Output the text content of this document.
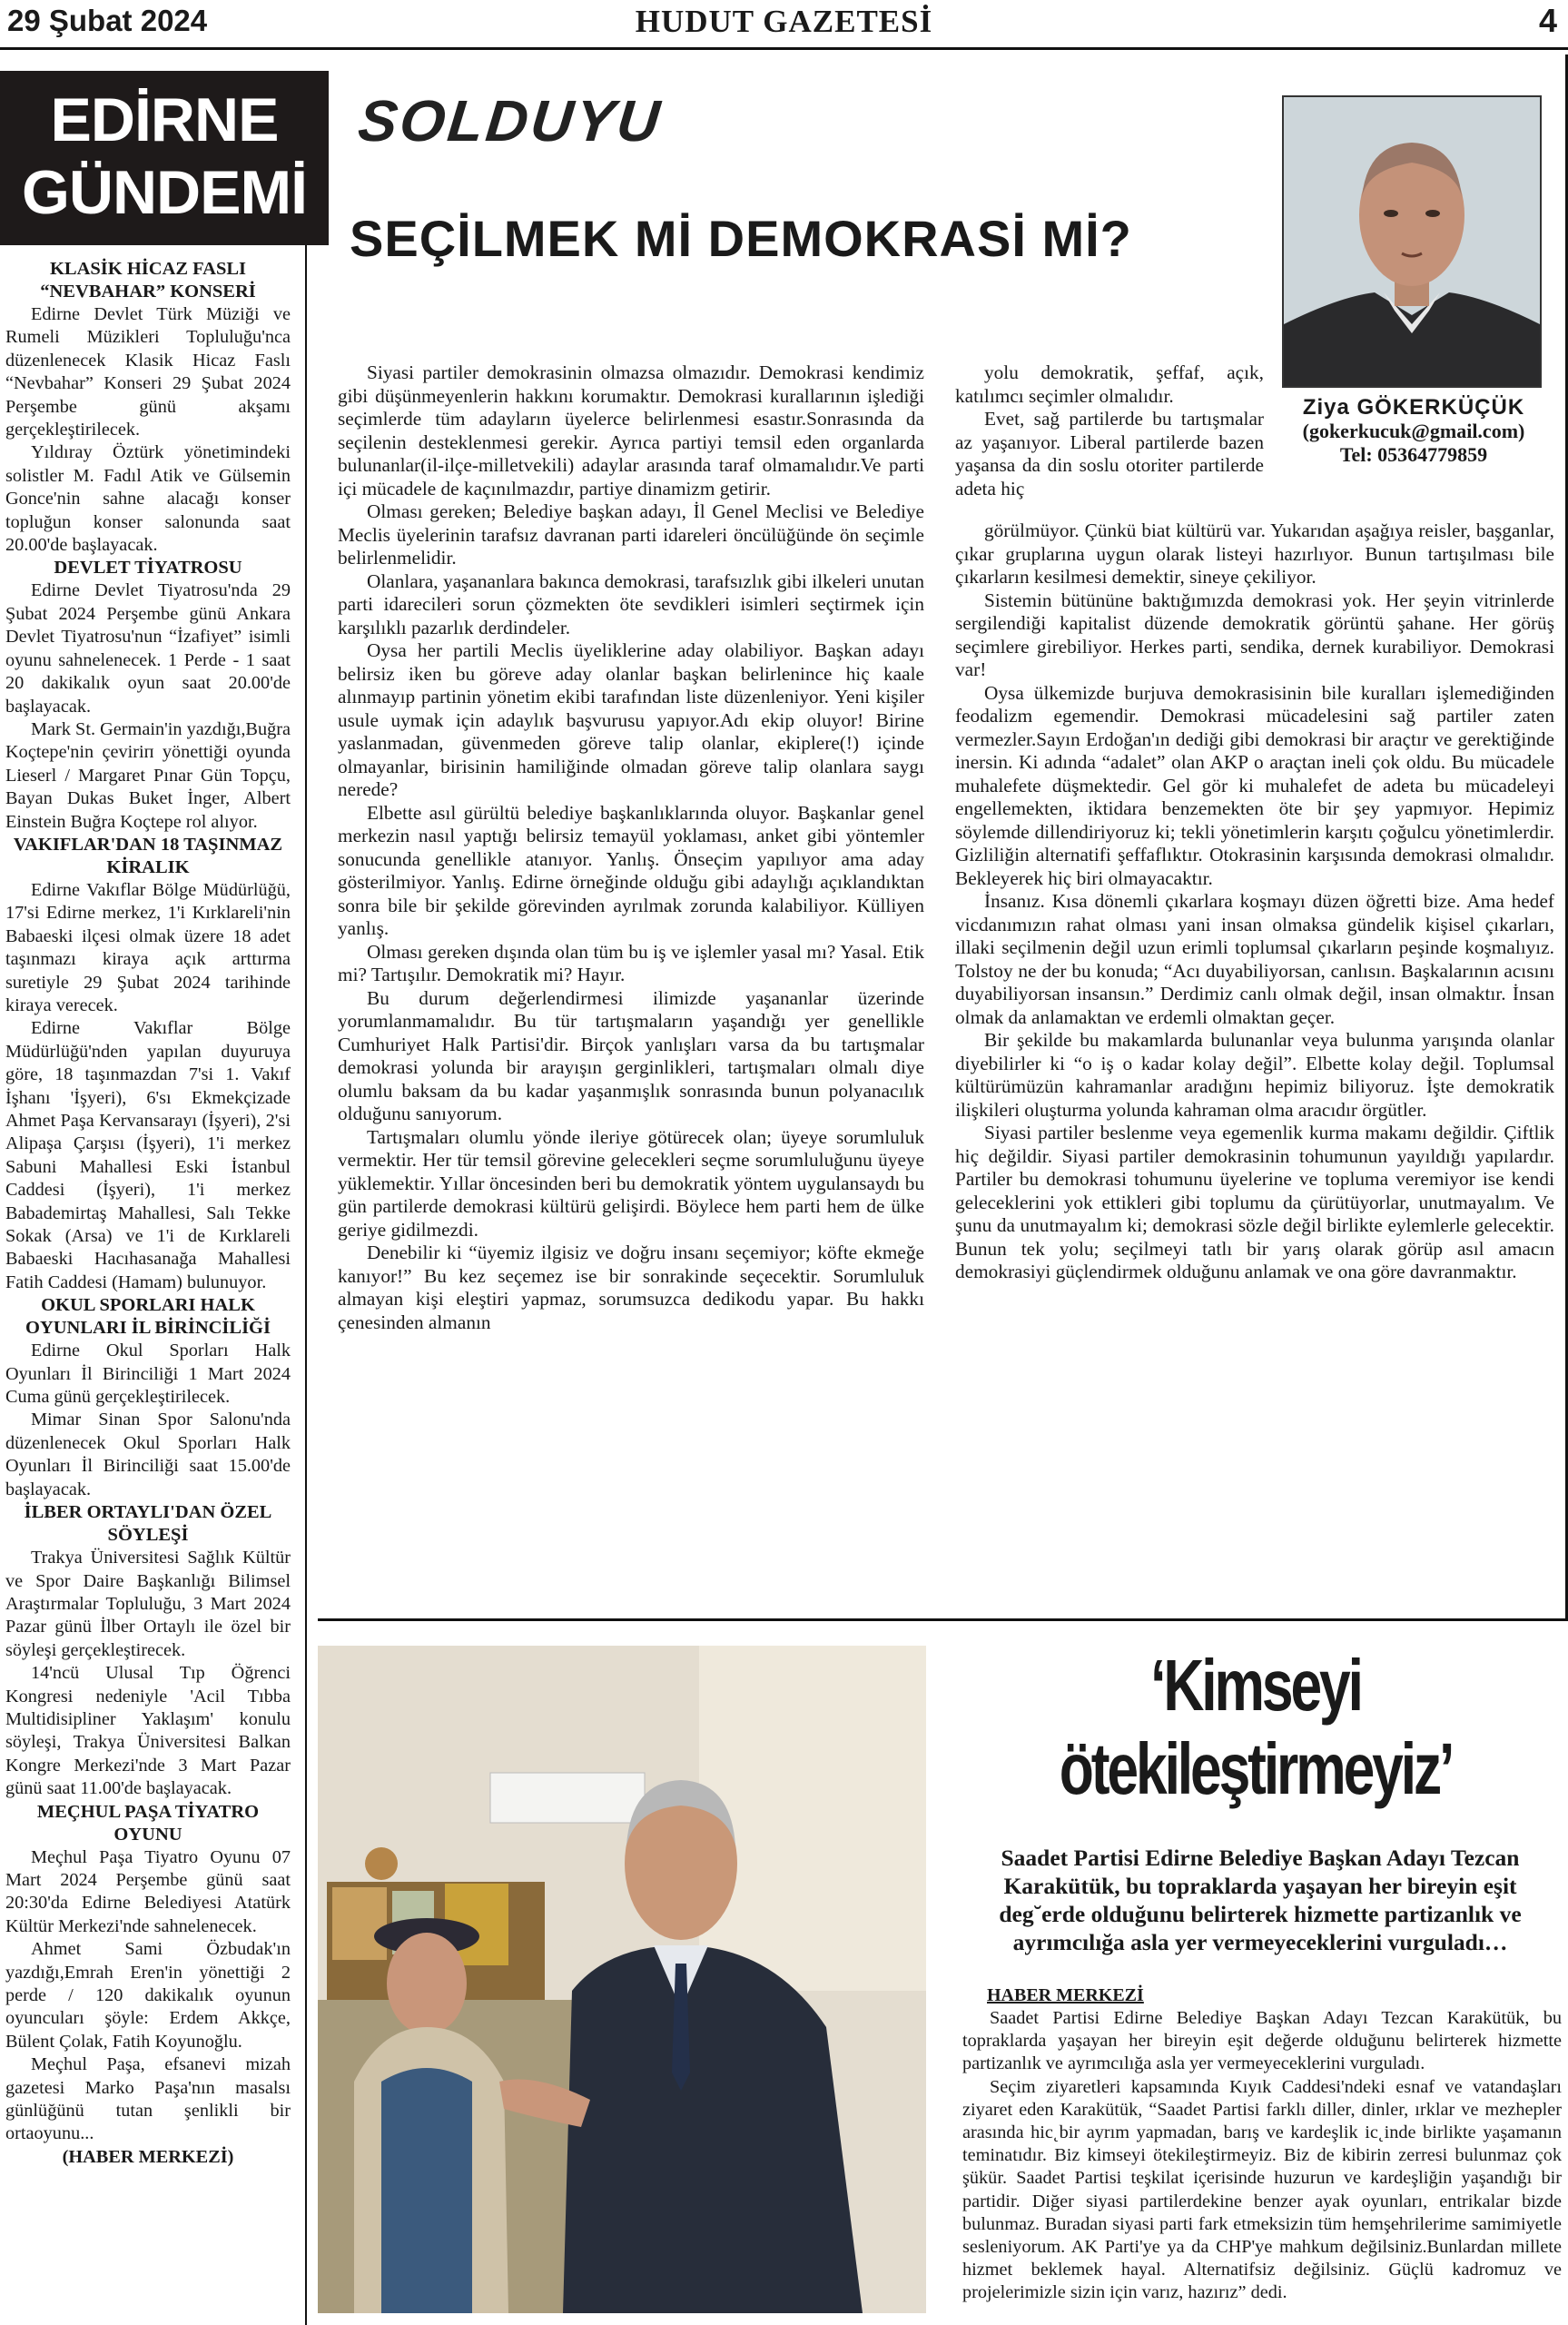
29 Şubat 2024	HUDUT GAZETESİ	4
EDİRNE
GÜNDEMİ
KLASİK HİCAZ FASLI “NEVBAHAR” KONSERİ

Edirne Devlet Türk Müziği ve Rumeli Müzikleri Topluluğu'nca düzenlenecek Klasik Hicaz Faslı “Nevbahar” Konseri 29 Şubat 2024 Perşembe günü akşamı gerçekleştirilecek.

Yıldıray Öztürk yönetimindeki solistler M. Fadıl Atik ve Gülsemin Gonce'nin sahne alacağı konser topluğun konser salonunda saat 20.00'de başlayacak.

DEVLET TİYATROSU

Edirne Devlet Tiyatrosu'nda 29 Şubat 2024 Perşembe günü Ankara Devlet Tiyatrosu'nun “İzafiyet” isimli oyunu sahnelenecek. 1 Perde - 1 saat 20 dakikalık oyun saat 20.00'de başlayacak.

Mark St. Germain'in yazdığı,Buğra Koçtepe'nin çeviriп yönettiği oyunda Lieserl / Margaret Pınar Gün Topçu, Bayan Dukas Buket İnger, Albert Einstein Buğra Koçtepe rol alıyor.

VAKIFLAR'DAN 18 TAŞINMAZ KİRALIK

Edirne Vakıflar Bölge Müdürlüğü, 17'si Edirne merkez, 1'i Kırklareli'nin Babaeski ilçesi olmak üzere 18 adet taşınmazı kiraya açık arttırma suretiyle 29 Şubat 2024 tarihinde kiraya verecek.

Edirne Vakıflar Bölge Müdürlüğü'nden yapılan duyuruya göre, 18 taşınmazdan 7'si 1. Vakıf İşhanı 'İşyeri), 6'sı Ekmekçizade Ahmet Paşa Kervansarayı (İşyeri), 2'si Alipaşa Çarşısı (İşyeri), 1'i merkez Sabuni Mahallesi Eski İstanbul Caddesi (İşyeri), 1'i merkez Babademirtaş Mahallesi, Salı Tekke Sokak (Arsa) ve 1'i de Kırklareli Babaeski Hacıhasanağa Mahallesi Fatih Caddesi (Hamam) bulunuyor.

OKUL SPORLARI HALK OYUNLARI İL BİRİNCİLİĞİ

Edirne Okul Sporları Halk Oyunları İl Birinciliği 1 Mart 2024 Cuma günü gerçekleştirilecek.

Mimar Sinan Spor Salonu'nda düzenlenecek Okul Sporları Halk Oyunları İl Birinciliği saat 15.00'de başlayacak.

İLBER ORTAYLI'DAN ÖZEL SÖYLEŞİ

Trakya Üniversitesi Sağlık Kültür ve Spor Daire Başkanlığı Bilimsel Araştırmalar Topluluğu, 3 Mart 2024 Pazar günü İlber Ortaylı ile özel bir söyleşi gerçekleştirecek.

14'ncü Ulusal Tıp Öğrenci Kongresi nedeniyle 'Acil Tıbba Multidisipliner Yaklaşım' konulu söyleşi, Trakya Üniversitesi Balkan Kongre Merkezi'nde 3 Mart Pazar günü saat 11.00'de başlayacak.

MEÇHUL PAŞA TİYATRO OYUNU

Meçhul Paşa Tiyatro Oyunu 07 Mart 2024 Perşembe günü saat 20:30'da Edirne Belediyesi Atatürk Kültür Merkezi'nde sahnelenecek.

Ahmet Sami Özbudak'ın yazdığı,Emrah Eren'in yönettiği 2 perde / 120 dakikalık oyunun oyuncuları şöyle: Erdem Akkçe, Bülent Çolak, Fatih Koyunoğlu.

Meçhul Paşa, efsanevi mizah gazetesi Marko Paşa'nın masalsı günlüğünü tutan şenlikli bir ortaoyunu...

(HABER MERKEZİ)

SOLDUYU
SEÇİLMEK Mİ DEMOKRASİ Mİ?
Ziya GÖKERKÜÇÜK
(gokerkucuk@gmail.com)
Tel: 05364779859

Siyasi partiler demokrasinin olmazsa olmazıdır. Demokrasi kendimiz gibi düşünmeyenlerin hakkını korumaktır. Demokrasi kurallarının işlediği seçimlerde tüm adayların üyelerce belirlenmesi esastır.Sonrasında da seçilenin desteklenmesi gerekir. Ayrıca partiyi temsil eden organlarda bulunanlar(il-ilçe-milletvekili) adaylar arasında taraf olmamalıdır.Ve parti içi mücadele de kaçınılmazdır, partiye dinamizm getirir.

Olması gereken; Belediye başkan adayı, İl Genel Meclisi ve Belediye Meclis üyelerinin tarafsız davranan parti idareleri öncülüğünde ön seçimle belirlenmelidir.

Olanlara, yaşananlara bakınca demokrasi, tarafsızlık gibi ilkeleri unutan parti idarecileri sorun çözmekten öte sevdikleri isimleri seçtirmek için karşılıklı pazarlık derdindeler.

Oysa her partili Meclis üyeliklerine aday olabiliyor. Başkan adayı belirsiz iken bu göreve aday olanlar başkan belirlenince hiç kaale alınmayıp partinin yönetim ekibi tarafından liste düzenleniyor. Yeni kişiler usule uymak için adaylık başvurusu yapıyor.Adı ekip oluyor! Birine yaslanmadan, güvenmeden göreve talip olanlar, ekiplere(!) içinde olmayanlar, birisinin hamiliğinde olmadan göreve talip olanlara saygı nerede?

Elbette asıl gürültü belediye başkanlıklarında oluyor. Başkanlar genel merkezin nasıl yaptığı belirsiz temayül yoklaması, anket gibi yöntemler sonucunda genellikle atanıyor. Yanlış. Önseçim yapılıyor ama aday gösterilmiyor. Yanlış. Edirne örneğinde olduğu gibi adaylığı açıklandıktan sonra bile bir şekilde görevinden ayrılmak zorunda kalabiliyor. Külliyen yanlış.

Olması gereken dışında olan tüm bu iş ve işlemler yasal mı? Yasal. Etik mi? Tartışılır. Demokratik mi? Hayır.

Bu durum değerlendirmesi ilimizde yaşananlar üzerinde yorumlanmamalıdır. Bu tür tartışmaların yaşandığı yer genellikle Cumhuriyet Halk Partisi'dir. Birçok yanlışları varsa da bu tartışmalar demokrasi yolunda bir arayışın gerginlikleri, tartışmaları olmalı diye olumlu baksam da bu kadar yaşanmışlık sonrasında bunun polyanacılık olduğunu sanıyorum.

Tartışmaları olumlu yönde ileriye götürecek olan; üyeye sorumluluk vermektir. Her tür temsil görevine gelecekleri seçme sorumluluğunu üyeye yüklemektir. Yıllar öncesinden beri bu demokratik yöntem uygulansaydı bu gün partilerde demokrasi kültürü gelişirdi. Böylece hem parti hem de ülke geriye gidilmezdi.

Denebilir ki “üyemiz ilgisiz ve doğru insanı seçemiyor; köfte ekmeğe kanıyor!” Bu kez seçemez ise bir sonrakinde seçecektir. Sorumluluk almayan kişi eleştiri yapmaz, sorumsuzca dedikodu yapar. Bu hakkı çenesinden almanın

yolu demokratik, şeffaf, açık, katılımcı seçimler olmalıdır.

Evet, sağ partilerde bu tartışmalar az yaşanıyor. Liberal partilerde bazen yaşansa da din soslu otoriter partilerde adeta hiç

görülmüyor. Çünkü biat kültürü var. Yukarıdan aşağıya reisler, başganlar, çıkar gruplarına uygun olarak listeyi hazırlıyor. Bunun tartışılması bile çıkarların kesilmesi demektir, sineye çekiliyor.

Sistemin bütününe baktığımızda demokrasi yok. Her şeyin vitrinlerde sergilendiği kapitalist düzende demokratik görüntü şahane. Her görüş seçimlere girebiliyor. Herkes parti, sendika, dernek kurabiliyor. Demokrasi var!

Oysa ülkemizde burjuva demokrasisinin bile kuralları işlemediğinden feodalizm egemendir. Demokrasi mücadelesini sağ partiler zaten vermezler.Sayın Erdoğan'ın dediği gibi demokrasi bir araçtır ve gerektiğinde inersin. Ki adında “adalet” olan AKP o araçtan ineli çok oldu. Bu mücadele muhalefete düşmektedir. Gel gör ki muhalefet de adeta bu mücadeleyi engellemekten, iktidara benzemekten öte bir şey yapmıyor. Hepimiz söylemde dillendiriyoruz ki; tekli yönetimlerin karşıtı çoğulcu yönetimlerdir. Gizliliğin alternatifi şeffaflıktır. Otokrasinin karşısında demokrasi olmalıdır. Bekleyerek hiç biri olmayacaktır.

İnsanız. Kısa dönemli çıkarlara koşmayı düzen öğretti bize. Ama hedef vicdanımızın rahat olması yani insan olmaksa gündelik kişisel çıkarları, illaki seçilmenin değil uzun erimli toplumsal çıkarların peşinde koşmalıyız. Tolstoy ne der bu konuda; “Acı duyabiliyorsan, canlısın. Başkalarının acısını duyabiliyorsan insansın.” Derdimiz canlı olmak değil, insan olmaktır. İnsan olmak da anlamaktan ve erdemli olmaktan geçer.

Bir şekilde bu makamlarda bulunanlar veya bulunma yarışında olanlar diyebilirler ki “o iş o kadar kolay değil”. Elbette kolay değil. Toplumsal kültürümüzün kahramanlar aradığını hepimiz biliyoruz. İşte demokratik ilişkileri oluşturma yolunda kahraman olma aracıdır örgütler.

Siyasi partiler beslenme veya egemenlik kurma makamı değildir. Çiftlik hiç değildir. Siyasi partiler demokrasinin tohumunun yayıldığı yapılardır. Partiler bu demokrasi tohumunu üyelerine ve topluma veremiyor ise kendi geleceklerini yok ettikleri gibi toplumu da çürütüyorlar, unutmayalım. Ve şunu da unutmayalım ki; demokrasi sözle değil birlikte eylemlerle gelecektir. Bunun tek yolu; seçilmeyi tatlı bir yarış olarak görüp asıl amacın demokrasiyi güçlendirmek olduğunu anlamak ve ona göre davranmaktır.

‘Kimseyi ötekileştirmeyiz’
Saadet Partisi Edirne Belediye Başkan Adayı Tezcan Karakütük, bu topraklarda yaşayan her bireyin eşit deg˘erde olduğunu belirterek hizmette partizanlık ve ayrımcılığa asla yer vermeyeceklerini vurguladı…
HABER MERKEZİ

Saadet Partisi Edirne Belediye Başkan Adayı Tezcan Karakütük, bu topraklarda yaşayan her bireyin eşit değerde olduğunu belirterek hizmette partizanlık ve ayrımcılığa asla yer vermeyeceklerini vurguladı.

Seçim ziyaretleri kapsamında Kıyık Caddesi'ndeki esnaf ve vatandaşları ziyaret eden Karakütük, “Saadet Partisi farklı diller, dinler, ırklar ve mezhepler arasında hic˛bir ayrım yapmadan, barış ve kardeşlik ic˛inde birlikte yaşamanın teminatıdır. Biz kimseyi ötekileştirmeyiz. Biz de kibirin zerresi bulunmaz çok şükür. Saadet Partisi teşkilat içerisinde huzurun ve kardeşliğin yaşandığı bir partidir. Diğer siyasi partilerdekine benzer ayak oyunları, entrikalar bizde bulunmaz. Buradan siyasi parti fark etmeksizin tüm hemşehrilerime samimiyetle sesleniyorum. AK Parti'ye ya da CHP'ye mahkum değilsiniz.Bunlardan millete hizmet beklemek hayal. Alternatifsiz değilsiniz. Güçlü kadromuz ve projelerimizle sizin için varız, hazırız” dedi.
